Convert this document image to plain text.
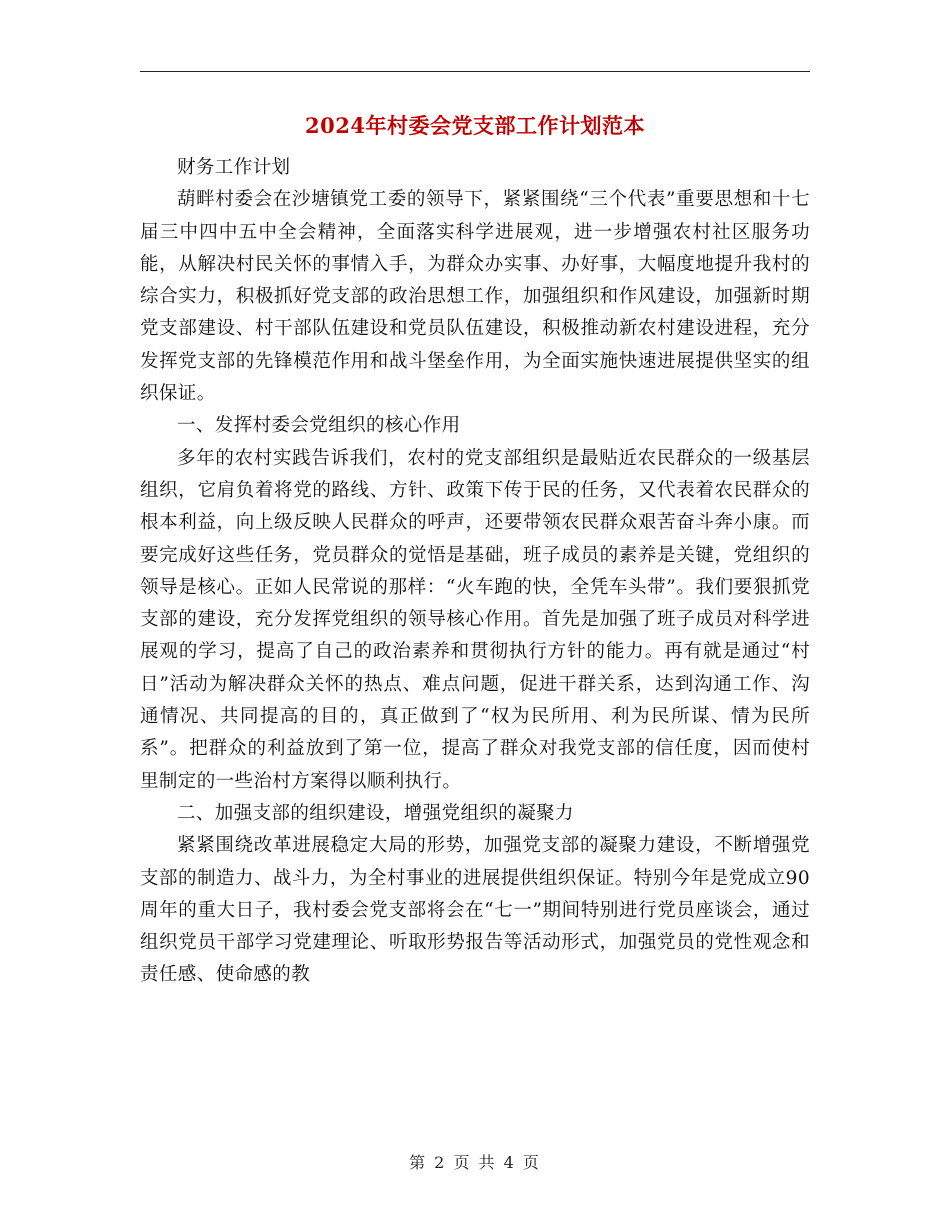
2024年村委会党支部工作计划范本

财务工作计划

葫畔村委会在沙塘镇党工委的领导下，紧紧围绕“三个代表”重要思想和十七届三中四中五中全会精神，全面落实科学进展观，进一步增强农村社区服务功能，从解决村民关怀的事情入手，为群众办实事、办好事，大幅度地提升我村的综合实力，积极抓好党支部的政治思想工作，加强组织和作风建设，加强新时期党支部建设、村干部队伍建设和党员队伍建设，积极推动新农村建设进程，充分发挥党支部的先锋模范作用和战斗堡垒作用，为全面实施快速进展提供坚实的组织保证。

一、发挥村委会党组织的核心作用

多年的农村实践告诉我们，农村的党支部组织是最贴近农民群众的一级基层组织，它肩负着将党的路线、方针、政策下传于民的任务，又代表着农民群众的根本利益，向上级反映人民群众的呼声，还要带领农民群众艰苦奋斗奔小康。而要完成好这些任务，党员群众的觉悟是基础，班子成员的素养是关键，党组织的领导是核心。正如人民常说的那样：“火车跑的快，全凭车头带”。我们要狠抓党支部的建设，充分发挥党组织的领导核心作用。首先是加强了班子成员对科学进展观的学习，提高了自己的政治素养和贯彻执行方针的能力。再有就是通过“村日”活动为解决群众关怀的热点、难点问题，促进干群关系，达到沟通工作、沟通情况、共同提高的目的，真正做到了“权为民所用、利为民所谋、情为民所系”。把群众的利益放到了第一位，提高了群众对我党支部的信任度，因而使村里制定的一些治村方案得以顺利执行。

二、加强支部的组织建设，增强党组织的凝聚力

紧紧围绕改革进展稳定大局的形势，加强党支部的凝聚力建设，不断增强党支部的制造力、战斗力，为全村事业的进展提供组织保证。特别今年是党成立90周年的重大日子，我村委会党支部将会在“七一”期间特别进行党员座谈会，通过组织党员干部学习党建理论、听取形势报告等活动形式，加强党员的党性观念和责任感、使命感的教

第 2 页 共 4 页
